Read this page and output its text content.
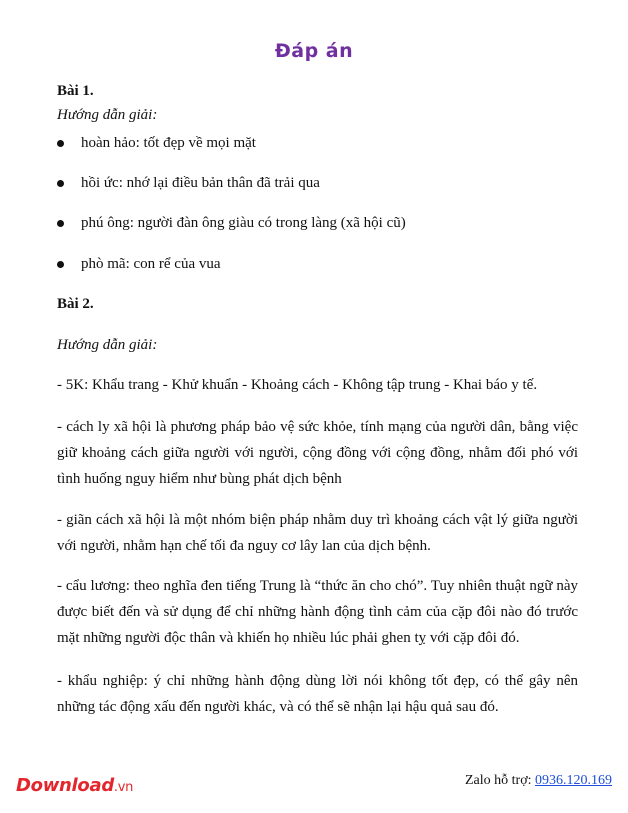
Đáp án
Bài 1.
Hướng dẫn giải:
hoàn hảo: tốt đẹp về mọi mặt
hồi ức: nhớ lại điều bản thân đã trải qua
phú ông: người đàn ông giàu có trong làng (xã hội cũ)
phò mã: con rể của vua
Bài 2.
Hướng dẫn giải:
- 5K: Khẩu trang - Khử khuẩn - Khoảng cách - Không tập trung - Khai báo y tế.
- cách ly xã hội là phương pháp bảo vệ sức khỏe, tính mạng của người dân, bằng việc giữ khoảng cách giữa người với người, cộng đồng với cộng đồng, nhằm đối phó với tình huống nguy hiểm như bùng phát dịch bệnh
- giãn cách xã hội là một nhóm biện pháp nhằm duy trì khoảng cách vật lý giữa người với người, nhằm hạn chế tối đa nguy cơ lây lan của dịch bệnh.
- cẩu lương: theo nghĩa đen tiếng Trung là “thức ăn cho chó”. Tuy nhiên thuật ngữ này được biết đến và sử dụng để chỉ những hành động tình cảm của cặp đôi nào đó trước mặt những người độc thân và khiến họ nhiều lúc phải ghen tỵ với cặp đôi đó.
- khẩu nghiệp: ý chỉ những hành động dùng lời nói không tốt đẹp, có thể gây nên những tác động xấu đến người khác, và có thể sẽ nhận lại hậu quả sau đó.
Download.vn	Zalo hỗ trợ: 0936.120.169
